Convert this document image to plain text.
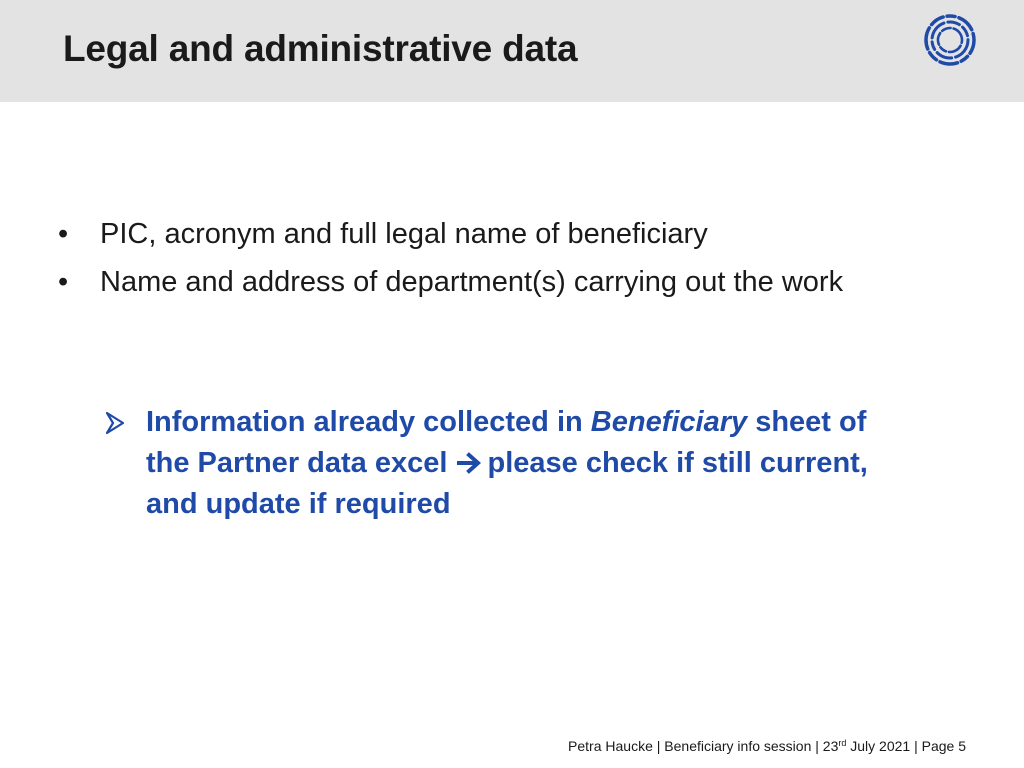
Legal and administrative data
•	PIC, acronym and full legal name of beneficiary
•	Name and address of department(s) carrying out the work
Information already collected in Beneficiary sheet of the Partner data excel please check if still current, and update if required
Petra Haucke | Beneficiary info session | 23rd July 2021 | Page 5
